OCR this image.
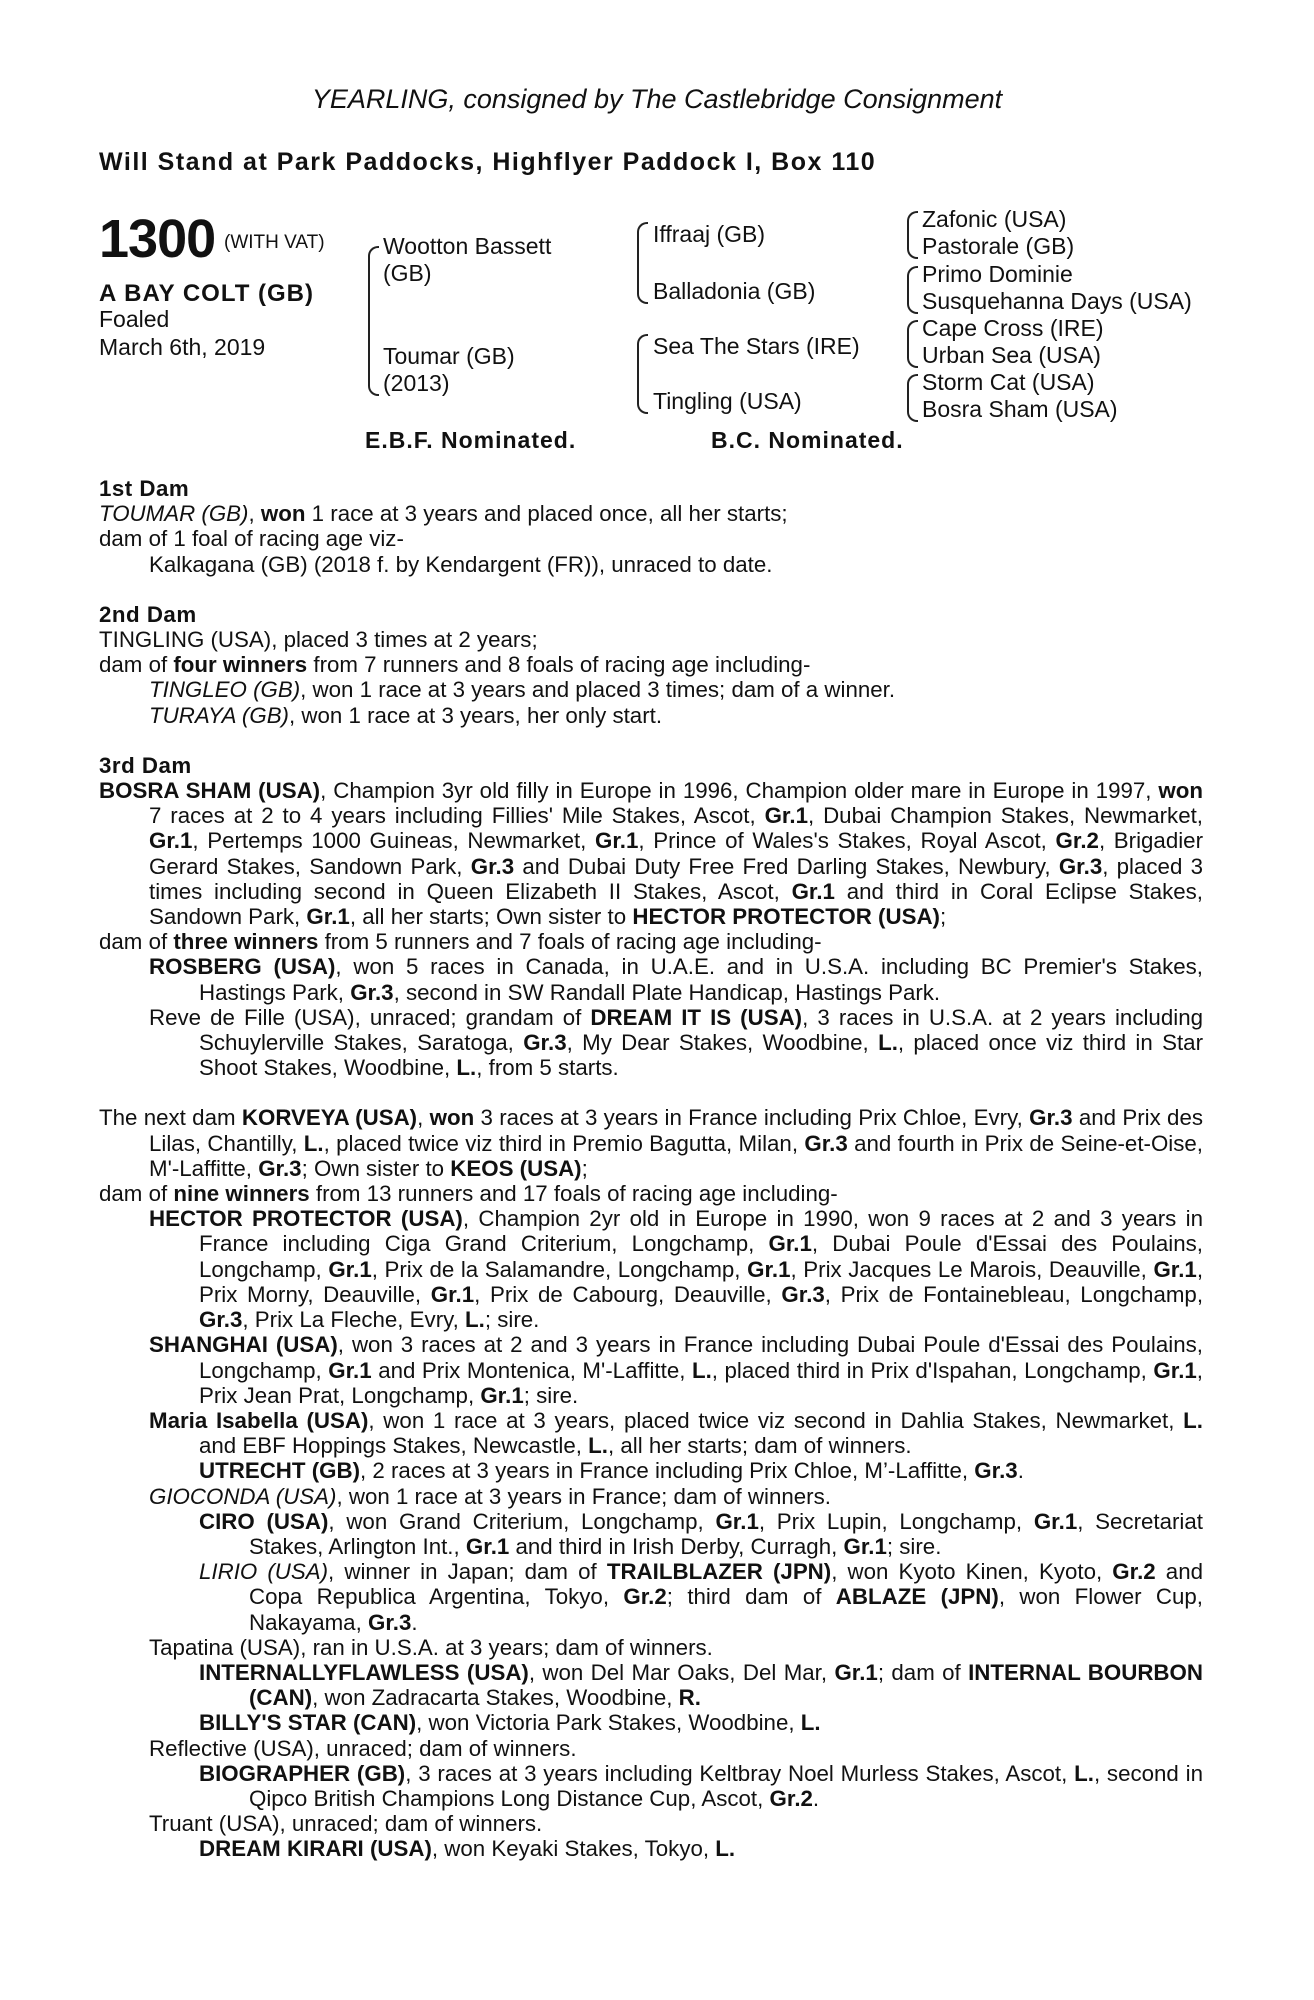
YEARLING, consigned by The Castlebridge Consignment
Will Stand at Park Paddocks, Highflyer Paddock I, Box 110
1300 (WITH VAT)
A BAY COLT (GB)
Foaled
March 6th, 2019
Wootton Bassett
(GB)
Toumar (GB)
(2013)
Iffraaj (GB)
Balladonia (GB)
Sea The Stars (IRE)
Tingling (USA)
Zafonic (USA)
Pastorale (GB)
Primo Dominie
Susquehanna Days (USA)
Cape Cross (IRE)
Urban Sea (USA)
Storm Cat (USA)
Bosra Sham (USA)
E.B.F. Nominated.	B.C. Nominated.
1st Dam

TOUMAR (GB), won 1 race at 3 years and placed once, all her starts;

dam of 1 foal of racing age viz-

Kalkagana (GB) (2018 f. by Kendargent (FR)), unraced to date.

2nd Dam

TINGLING (USA), placed 3 times at 2 years;

dam of four winners from 7 runners and 8 foals of racing age including-

TINGLEO (GB), won 1 race at 3 years and placed 3 times; dam of a winner.

TURAYA (GB), won 1 race at 3 years, her only start.

3rd Dam

BOSRA SHAM (USA), Champion 3yr old filly in Europe in 1996, Champion older mare in Europe in 1997, won 7 races at 2 to 4 years including Fillies' Mile Stakes, Ascot, Gr.1, Dubai Champion Stakes, Newmarket, Gr.1, Pertemps 1000 Guineas, Newmarket, Gr.1, Prince of Wales's Stakes, Royal Ascot, Gr.2, Brigadier Gerard Stakes, Sandown Park, Gr.3 and Dubai Duty Free Fred Darling Stakes, Newbury, Gr.3, placed 3 times including second in Queen Elizabeth II Stakes, Ascot, Gr.1 and third in Coral Eclipse Stakes, Sandown Park, Gr.1, all her starts; Own sister to HECTOR PROTECTOR (USA);

dam of three winners from 5 runners and 7 foals of racing age including-

ROSBERG (USA), won 5 races in Canada, in U.A.E. and in U.S.A. including BC Premier's Stakes, Hastings Park, Gr.3, second in SW Randall Plate Handicap, Hastings Park.

Reve de Fille (USA), unraced; grandam of DREAM IT IS (USA), 3 races in U.S.A. at 2 years including Schuylerville Stakes, Saratoga, Gr.3, My Dear Stakes, Woodbine, L., placed once viz third in Star Shoot Stakes, Woodbine, L., from 5 starts.

The next dam KORVEYA (USA), won 3 races at 3 years in France including Prix Chloe, Evry, Gr.3 and Prix des Lilas, Chantilly, L., placed twice viz third in Premio Bagutta, Milan, Gr.3 and fourth in Prix de Seine-et-Oise, M'-Laffitte, Gr.3; Own sister to KEOS (USA);

dam of nine winners from 13 runners and 17 foals of racing age including-

HECTOR PROTECTOR (USA), Champion 2yr old in Europe in 1990, won 9 races at 2 and 3 years in France including Ciga Grand Criterium, Longchamp, Gr.1, Dubai Poule d'Essai des Poulains, Longchamp, Gr.1, Prix de la Salamandre, Longchamp, Gr.1, Prix Jacques Le Marois, Deauville, Gr.1, Prix Morny, Deauville, Gr.1, Prix de Cabourg, Deauville, Gr.3, Prix de Fontainebleau, Longchamp, Gr.3, Prix La Fleche, Evry, L.; sire.

SHANGHAI (USA), won 3 races at 2 and 3 years in France including Dubai Poule d'Essai des Poulains, Longchamp, Gr.1 and Prix Montenica, M'-Laffitte, L., placed third in Prix d'Ispahan, Longchamp, Gr.1, Prix Jean Prat, Longchamp, Gr.1; sire.

Maria Isabella (USA), won 1 race at 3 years, placed twice viz second in Dahlia Stakes, Newmarket, L. and EBF Hoppings Stakes, Newcastle, L., all her starts; dam of winners.

UTRECHT (GB), 2 races at 3 years in France including Prix Chloe, M’-Laffitte, Gr.3.

GIOCONDA (USA), won 1 race at 3 years in France; dam of winners.

CIRO (USA), won Grand Criterium, Longchamp, Gr.1, Prix Lupin, Longchamp, Gr.1, Secretariat Stakes, Arlington Int., Gr.1 and third in Irish Derby, Curragh, Gr.1; sire.

LIRIO (USA), winner in Japan; dam of TRAILBLAZER (JPN), won Kyoto Kinen, Kyoto, Gr.2 and Copa Republica Argentina, Tokyo, Gr.2; third dam of ABLAZE (JPN), won Flower Cup, Nakayama, Gr.3.

Tapatina (USA), ran in U.S.A. at 3 years; dam of winners.

INTERNALLYFLAWLESS (USA), won Del Mar Oaks, Del Mar, Gr.1; dam of INTERNAL BOURBON (CAN), won Zadracarta Stakes, Woodbine, R.

BILLY'S STAR (CAN), won Victoria Park Stakes, Woodbine, L.

Reflective (USA), unraced; dam of winners.

BIOGRAPHER (GB), 3 races at 3 years including Keltbray Noel Murless Stakes, Ascot, L., second in Qipco British Champions Long Distance Cup, Ascot, Gr.2.

Truant (USA), unraced; dam of winners.

DREAM KIRARI (USA), won Keyaki Stakes, Tokyo, L.
